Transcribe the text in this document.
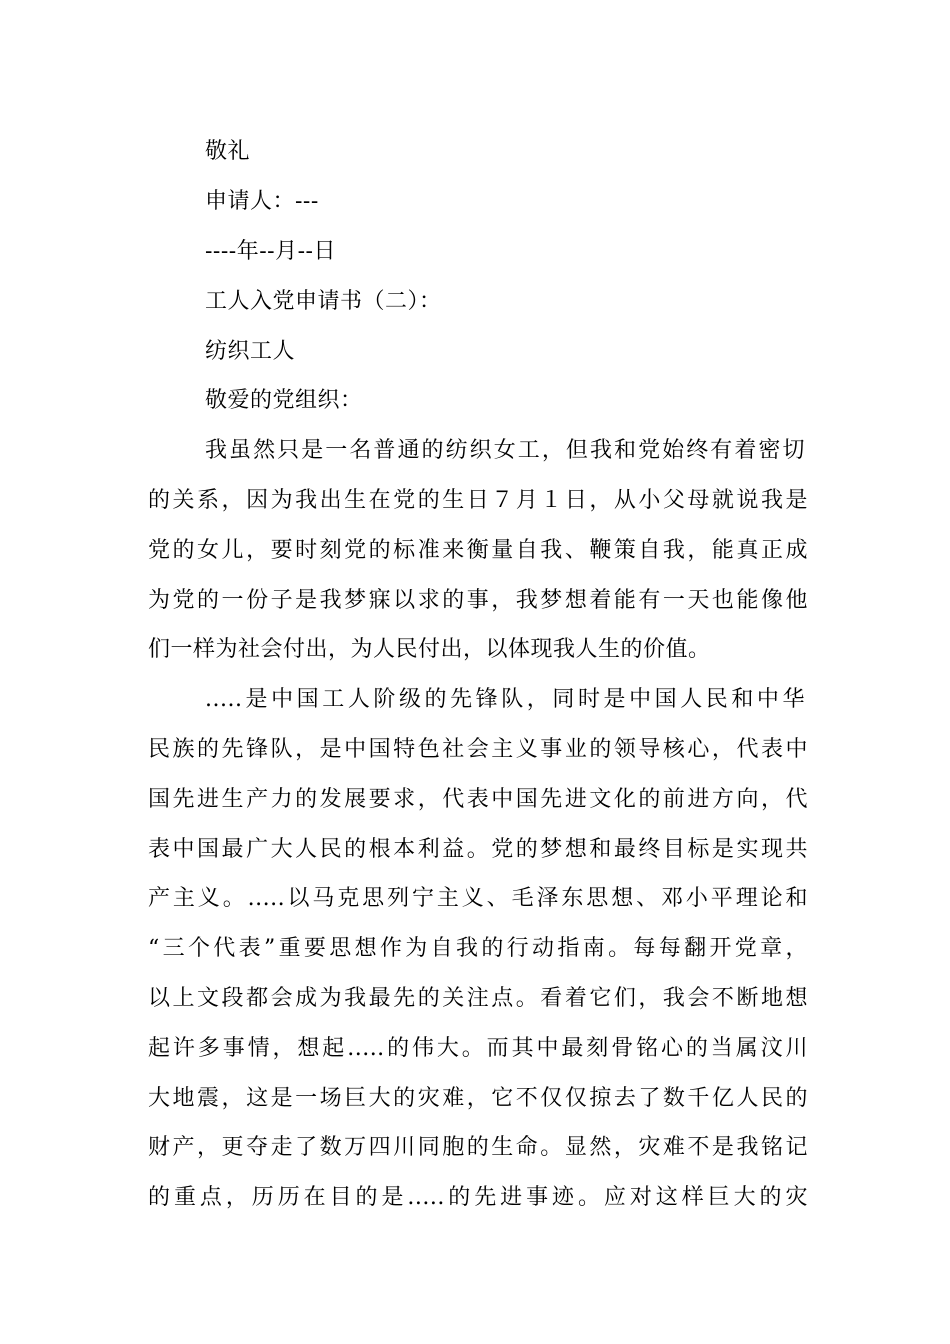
敬礼
申请人：---
----年--月--日
工人入党申请书（二）：
纺织工人
敬爱的党组织：
我虽然只是一名普通的纺织女工，但我和党始终有着密切
的关系，因为我出生在党的生日７月１日，从小父母就说我是
党的女儿，要时刻党的标准来衡量自我、鞭策自我，能真正成
为党的一份子是我梦寐以求的事，我梦想着能有一天也能像他
们一样为社会付出，为人民付出，以体现我人生的价值。
.....是中国工人阶级的先锋队，同时是中国人民和中华
民族的先锋队，是中国特色社会主义事业的领导核心，代表中
国先进生产力的发展要求，代表中国先进文化的前进方向，代
表中国最广大人民的根本利益。党的梦想和最终目标是实现共
产主义。.....以马克思列宁主义、毛泽东思想、邓小平理论和
“三个代表”重要思想作为自我的行动指南。每每翻开党章，
以上文段都会成为我最先的关注点。看着它们，我会不断地想
起许多事情，想起.....的伟大。而其中最刻骨铭心的当属汶川
大地震，这是一场巨大的灾难，它不仅仅掠去了数千亿人民的
财产，更夺走了数万四川同胞的生命。显然，灾难不是我铭记
的重点，历历在目的是.....的先进事迹。应对这样巨大的灾
